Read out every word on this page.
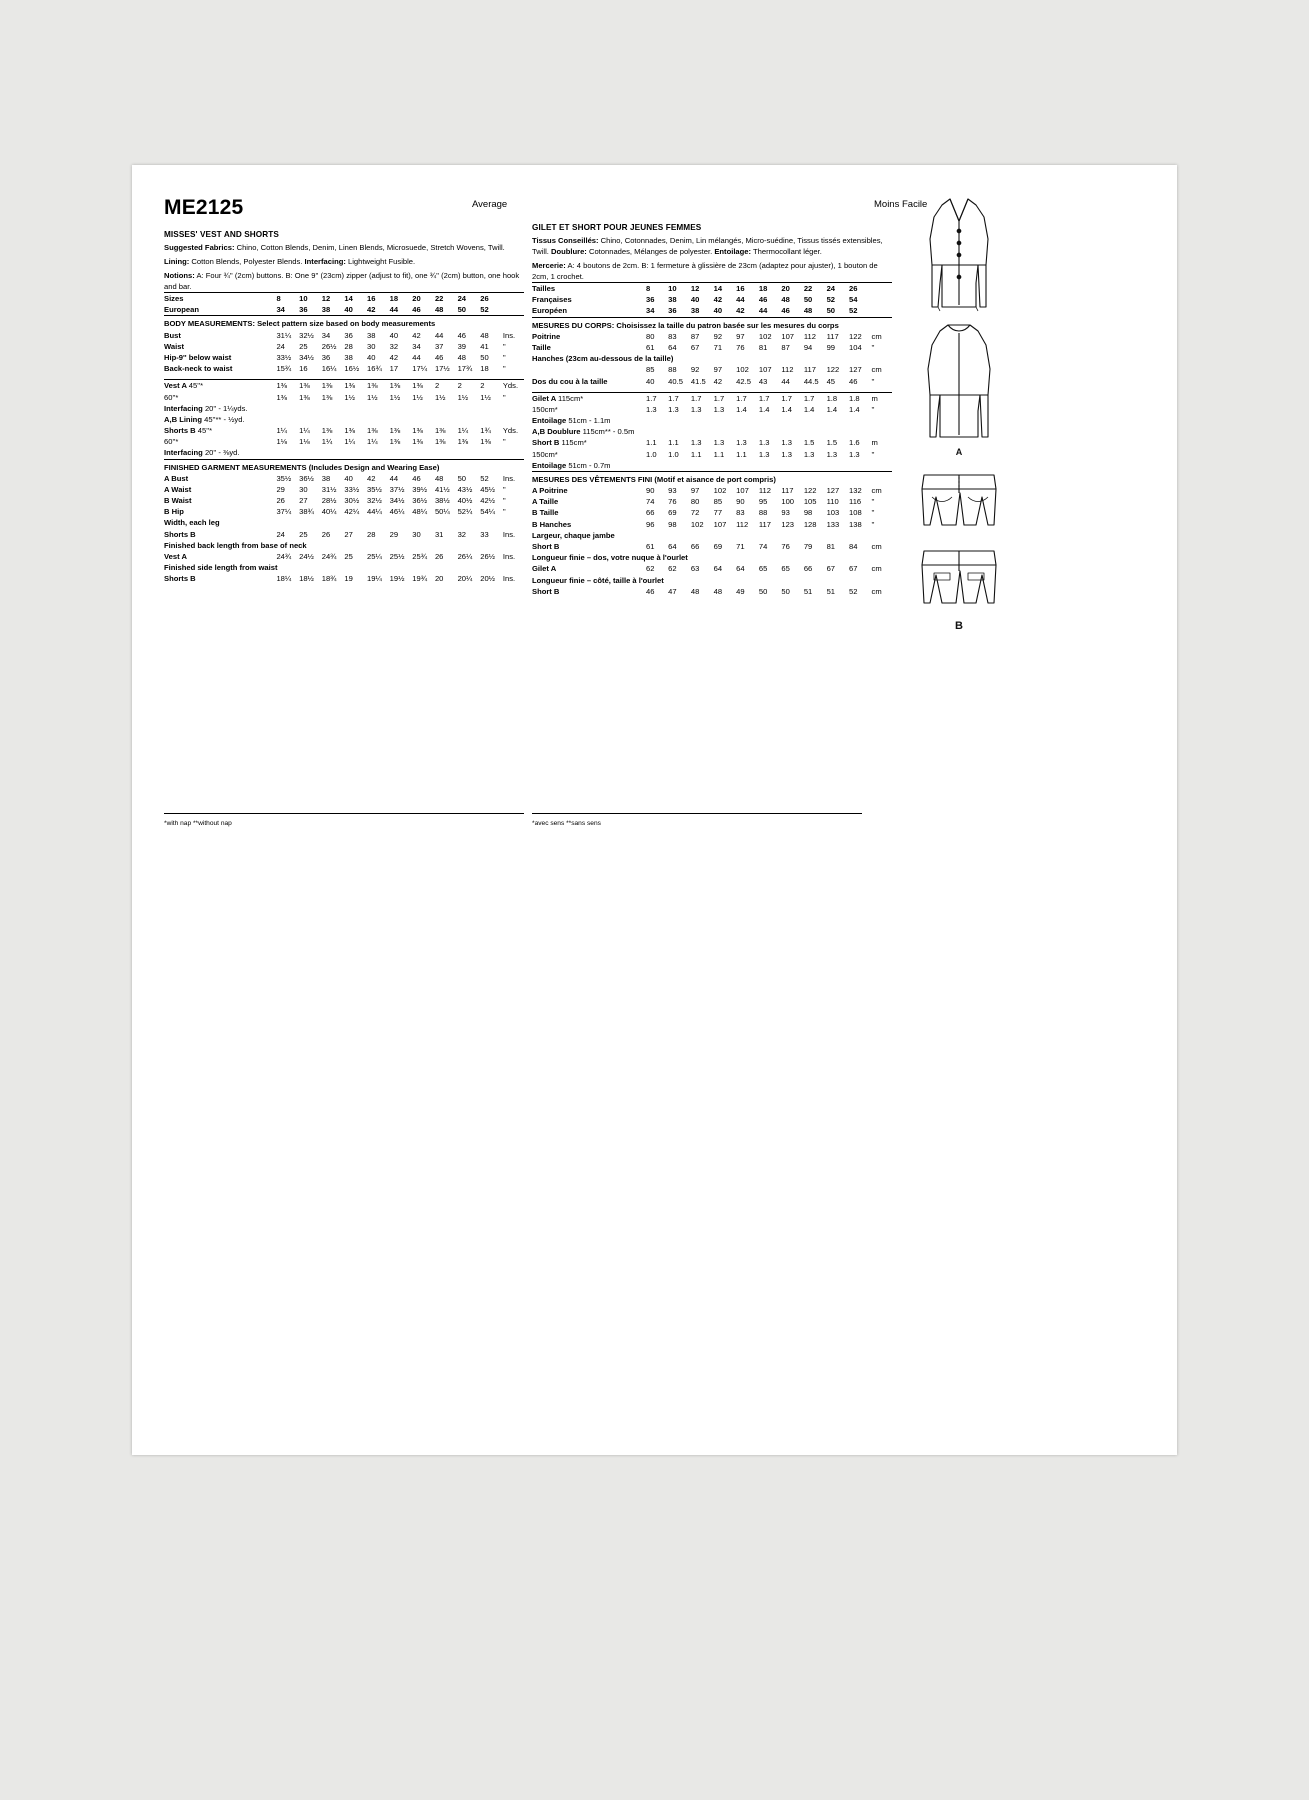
ME2125
MISSES' VEST AND SHORTS
Suggested Fabrics: Chino, Cotton Blends, Denim, Linen Blends, Microsuede, Stretch Wovens, Twill.
Lining: Cotton Blends, Polyester Blends. Interfacing: Lightweight Fusible.
Notions: A: Four ¾'' (2cm) buttons. B: One 9'' (23cm) zipper (adjust to fit), one ¾'' (2cm) button, one hook and bar.
Sizes	8	10	12	14	16	18	20	22	24	26	
European	34	36	38	40	42	44	46	48	50	52	
BODY MEASUREMENTS: Select pattern size based on body measurements											
Bust	31¼	32½	34	36	38	40	42	44	46	48	Ins.
Waist	24	25	26½	28	30	32	34	37	39	41	''
Hip-9'' below waist	33½	34½	36	38	40	42	44	46	48	50	''
Back-neck to waist	15¾	16	16¼	16½	16¾	17	17¼	17½	17¾	18	''

Vest A 45''*	1⅜	1⅜	1⅜	1⅜	1⅜	1⅜	1⅜	2	2	2	Yds.
60''*	1⅜	1⅜	1⅜	1½	1½	1½	1½	1½	1½	1½	''
Interfacing 20'' - 1¼yds.											
A,B Lining 45''** - ½yd.											
Shorts B 45''*	1¼	1¼	1⅜	1⅜	1⅜	1⅜	1⅜	1⅜	1¼	1¾	Yds.
60''*	1⅛	1⅛	1¼	1¼	1¼	1⅜	1⅜	1⅜	1⅜	1⅜	''
Interfacing 20'' - ⅜yd.											
FINISHED GARMENT MEASUREMENTS (Includes Design and Wearing Ease)											
A Bust	35½	36½	38	40	42	44	46	48	50	52	Ins.
A Waist	29	30	31½	33½	35½	37½	39½	41½	43½	45½	''
B Waist	26	27	28½	30½	32½	34½	36½	38½	40½	42½	''
B Hip	37¼	38¾	40¼	42¼	44¼	46¼	48¼	50¼	52¼	54¼	''
Width, each leg											
Shorts B	24	25	26	27	28	29	30	31	32	33	Ins.
Finished back length from base of neck											
Vest A	24¾	24½	24¾	25	25¼	25½	25¾	26	26¼	26½	Ins.
Finished side length from waist											
Shorts B	18¼	18½	18¾	19	19¼	19½	19¾	20	20¼	20½	Ins.
GILET ET SHORT POUR JEUNES FEMMES
Tissus Conseillés: Chino, Cotonnades, Denim, Lin mélangés, Micro-suédine, Tissus tissés extensibles, Twill. Doublure: Cotonnades, Mélanges de polyester. Entoilage: Thermocollant léger.
Mercerie: A: 4 boutons de 2cm. B: 1 fermeture à glissière de 23cm (adaptez pour ajuster), 1 bouton de 2cm, 1 crochet.
Tailles	8	10	12	14	16	18	20	22	24	26	
Françaises	36	38	40	42	44	46	48	50	52	54	
Européen	34	36	38	40	42	44	46	48	50	52	
MESURES DU CORPS: Choisissez la taille du patron basée sur les mesures du corps											
Poitrine	80	83	87	92	97	102	107	112	117	122	cm
Taille	61	64	67	71	76	81	87	94	99	104	''
Hanches (23cm au-dessous de la taille)											
	85	88	92	97	102	107	112	117	122	127	cm
Dos du cou à la taille	40	40.5	41.5	42	42.5	43	44	44.5	45	46	''

Gilet A 115cm*	1.7	1.7	1.7	1.7	1.7	1.7	1.7	1.7	1.8	1.8	m
150cm*	1.3	1.3	1.3	1.3	1.4	1.4	1.4	1.4	1.4	1.4	''
Entoilage 51cm - 1.1m											
A,B Doublure 115cm** - 0.5m											
Short B 115cm*	1.1	1.1	1.3	1.3	1.3	1.3	1.3	1.5	1.5	1.6	m
150cm*	1.0	1.0	1.1	1.1	1.1	1.3	1.3	1.3	1.3	1.3	''
Entoilage 51cm - 0.7m											
MESURES DES VÊTEMENTS FINI (Motif et aisance de port compris)											
A Poitrine	90	93	97	102	107	112	117	122	127	132	cm
A Taille	74	76	80	85	90	95	100	105	110	116	''
B Taille	66	69	72	77	83	88	93	98	103	108	''
B Hanches	96	98	102	107	112	117	123	128	133	138	''
Largeur, chaque jambe											
Short B	61	64	66	69	71	74	76	79	81	84	cm
Longueur finie – dos, votre nuque à l'ourlet											
Gilet A	62	62	63	64	64	65	65	66	67	67	cm
Longueur finie – côté, taille à l'ourlet											
Short B	46	47	48	48	49	50	50	51	51	52	cm
Average	Moins Facile
*with nap **without nap	*avec sens **sans sens
A
B
